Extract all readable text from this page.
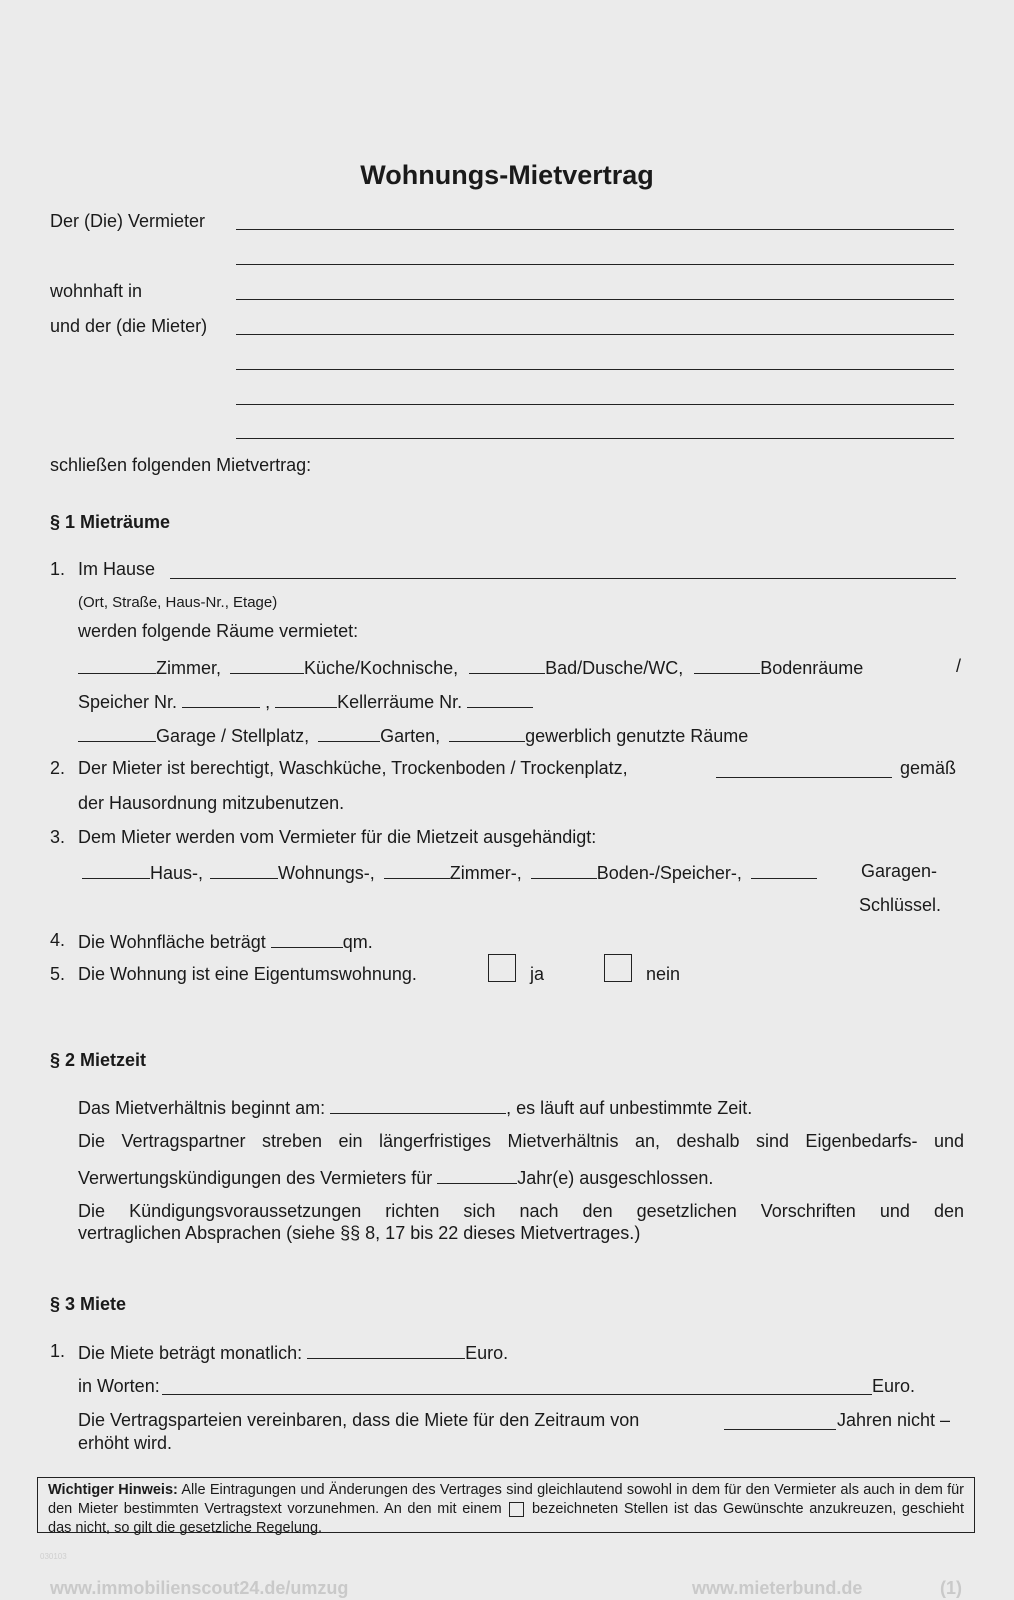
Wohnungs-Mietvertrag
Der (Die) Vermieter
wohnhaft in
und der (die Mieter)
schließen folgenden Mietvertrag:
§ 1 Mieträume
1. Im Hause
(Ort, Straße, Haus-Nr., Etage)
werden folgende Räume vermietet:
Zimmer,	Küche/Kochnische,	Bad/Dusche/WC,	Bodenräume	/
Speicher Nr.	,	Kellerräume Nr.
Garage / Stellplatz,	Garten,	gewerblich genutzte Räume
2. Der Mieter ist berechtigt, Waschküche, Trockenboden / Trockenplatz,	gemäß
der Hausordnung mitzubenutzen.
3. Dem Mieter werden vom Vermieter für die Mietzeit ausgehändigt:
Haus-,	Wohnungs-,	Zimmer-,	Boden-/Speicher-,	Garagen-
Schlüssel.
4. Die Wohnfläche beträgt	qm.
5. Die Wohnung ist eine Eigentumswohnung.	ja	nein
§ 2 Mietzeit
Das Mietverhältnis beginnt am:	, es läuft auf unbestimmte Zeit.
Die Vertragspartner streben ein längerfristiges Mietverhältnis an, deshalb sind Eigenbedarfs- und
Verwertungskündigungen des Vermieters für	Jahr(e) ausgeschlossen.
Die Kündigungsvoraussetzungen richten sich nach den gesetzlichen Vorschriften und den
vertraglichen Absprachen (siehe §§ 8, 17 bis 22 dieses Mietvertrages.)
§ 3 Miete
1. Die Miete beträgt monatlich:	Euro.
in Worten:	Euro.
Die Vertragsparteien vereinbaren, dass die Miete für den Zeitraum von	Jahren nicht –
erhöht wird.
Wichtiger Hinweis: Alle Eintragungen und Änderungen des Vertrages sind gleichlautend sowohl in dem für den Vermieter als auch in dem für den Mieter bestimmten Vertragstext vorzunehmen. An den mit einem bezeichneten Stellen ist das Gewünschte anzukreuzen, geschieht das nicht, so gilt die gesetzliche Regelung.
030103
www.immobilienscout24.de/umzug	www.mieterbund.de	(1)
